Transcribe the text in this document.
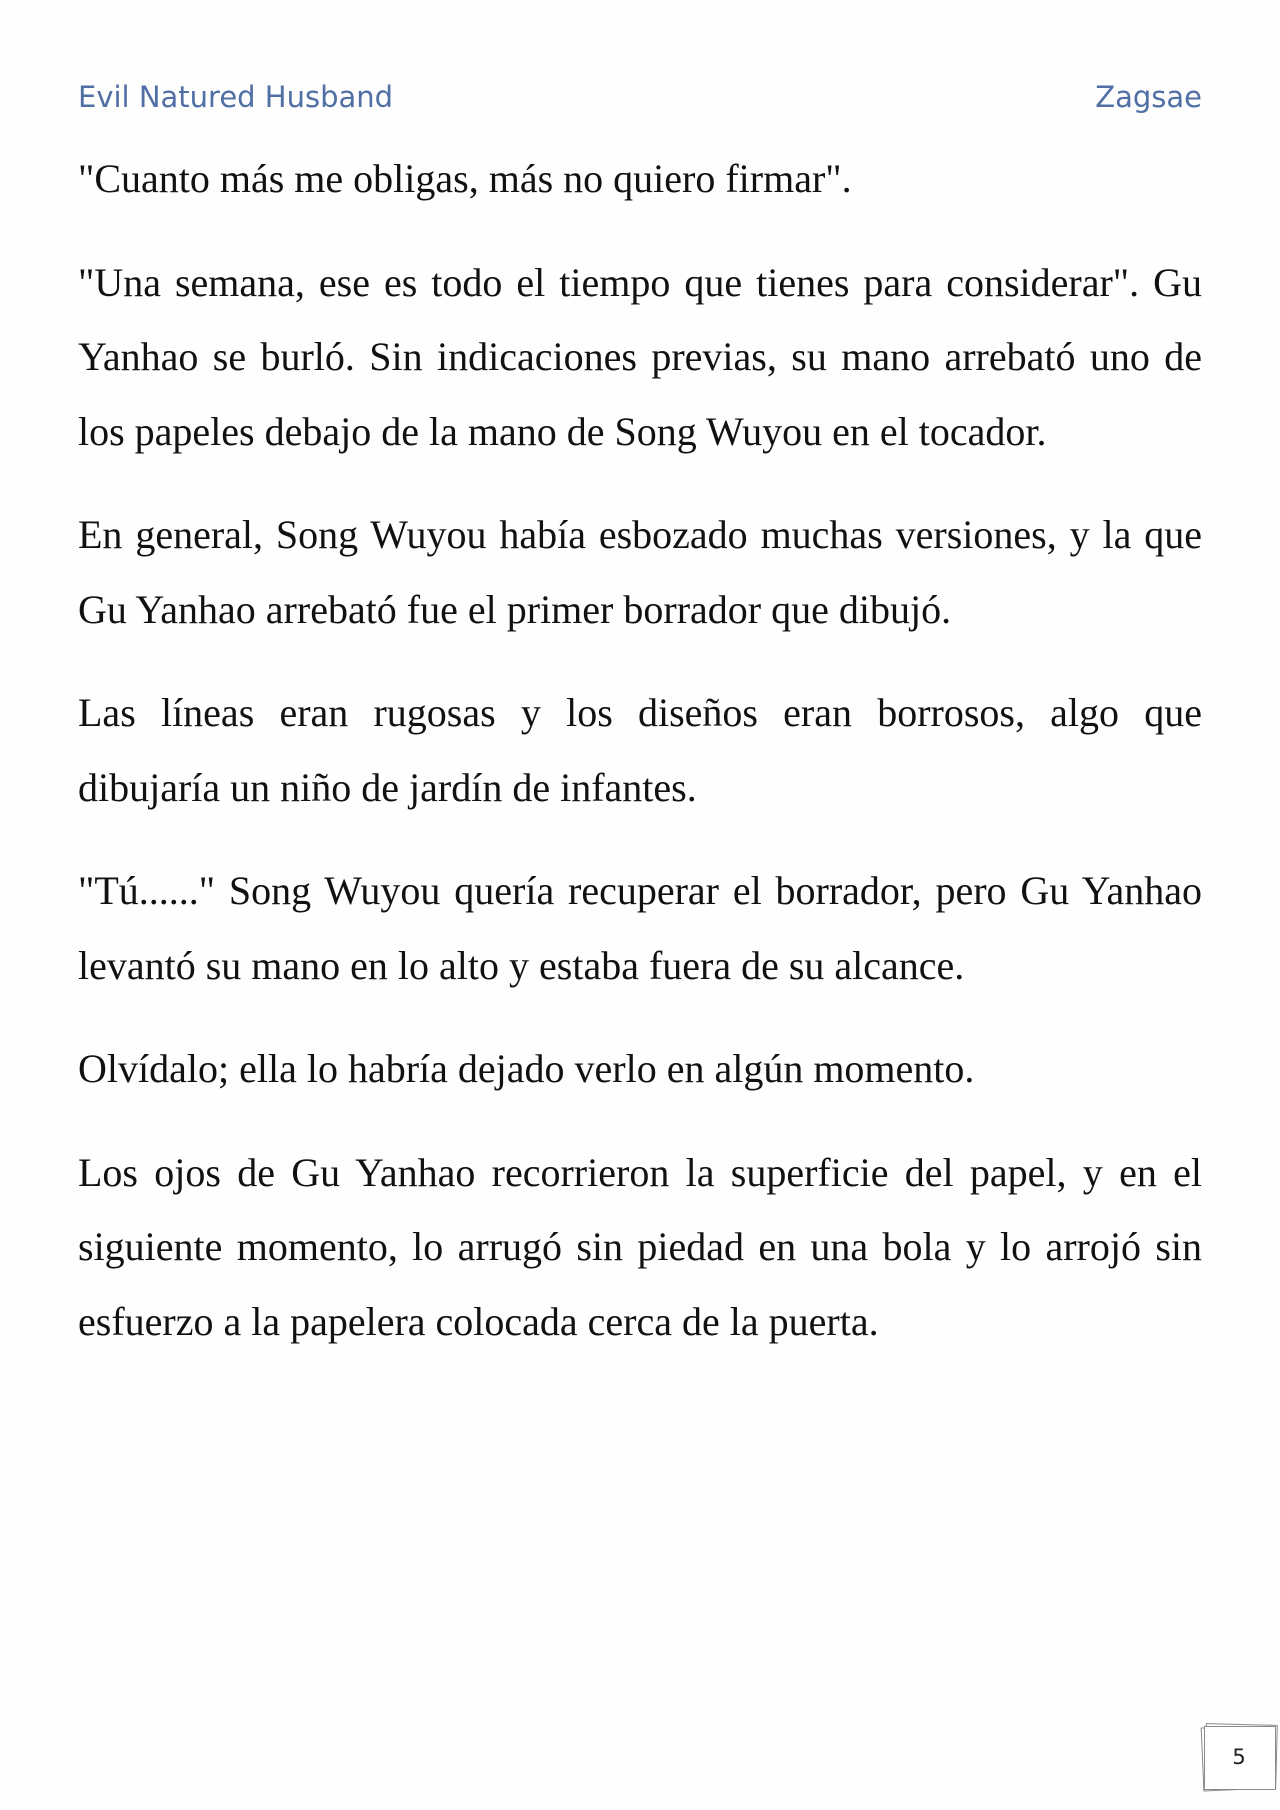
Evil Natured Husband	Zagsae

"Cuanto más me obligas, más no quiero firmar".

"Una semana, ese es todo el tiempo que tienes para considerar". Gu Yanhao se burló. Sin indicaciones previas, su mano arrebató uno de los papeles debajo de la mano de Song Wuyou en el tocador.

En general, Song Wuyou había esbozado muchas versiones, y la que Gu Yanhao arrebató fue el primer borrador que dibujó.

Las líneas eran rugosas y los diseños eran borrosos, algo que dibujaría un niño de jardín de infantes.

"Tú......" Song Wuyou quería recuperar el borrador, pero Gu Yanhao levantó su mano en lo alto y estaba fuera de su alcance.

Olvídalo; ella lo habría dejado verlo en algún momento.

Los ojos de Gu Yanhao recorrieron la superficie del papel, y en el siguiente momento, lo arrugó sin piedad en una bola y lo arrojó sin esfuerzo a la papelera colocada cerca de la puerta.

5
